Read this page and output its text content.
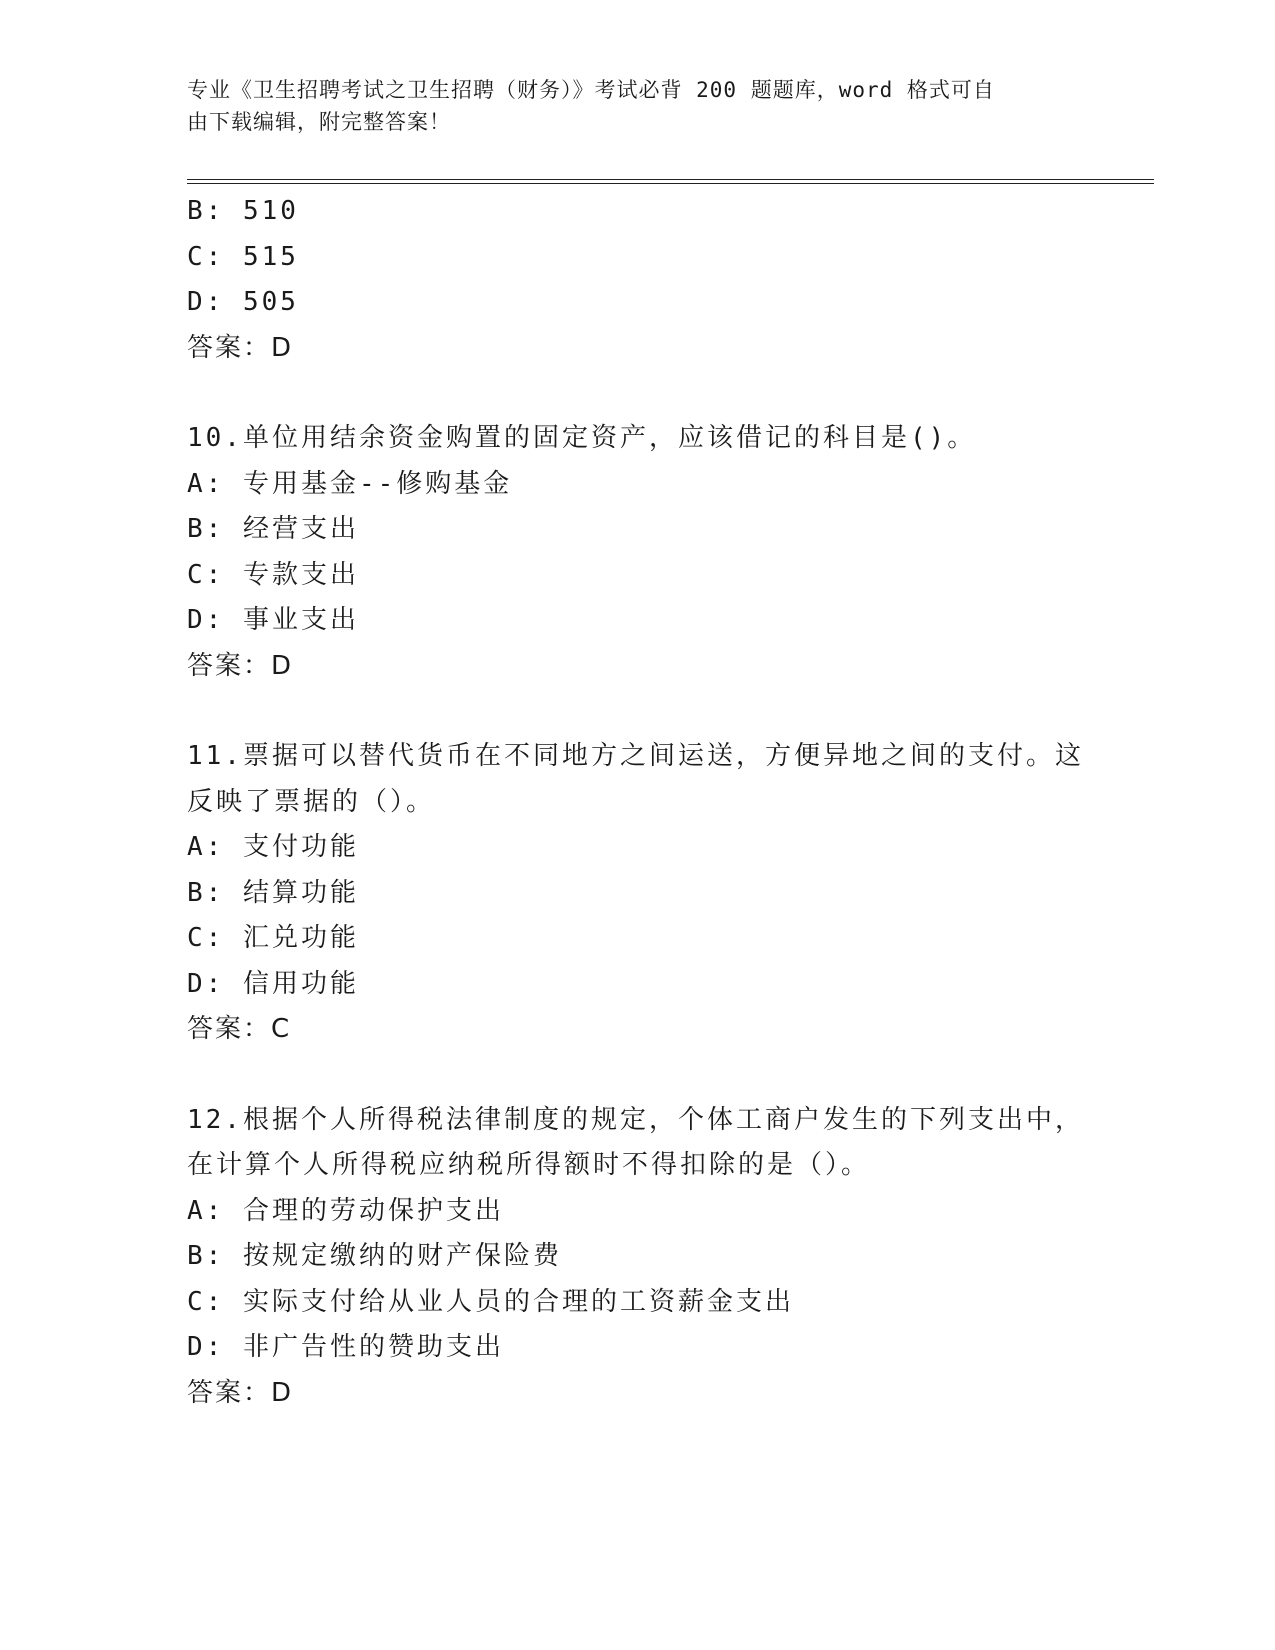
专业《卫生招聘考试之卫生招聘（财务）》考试必背 200 题题库，word 格式可自
由下载编辑，附完整答案！
B: 510
C: 515
D: 505
答案：D
10.单位用结余资金购置的固定资产，应该借记的科目是()。
A: 专用基金--修购基金
B: 经营支出
C: 专款支出
D: 事业支出
答案：D
11.票据可以替代货币在不同地方之间运送，方便异地之间的支付。这
反映了票据的（）。
A: 支付功能
B: 结算功能
C: 汇兑功能
D: 信用功能
答案：C
12.根据个人所得税法律制度的规定，个体工商户发生的下列支出中，
在计算个人所得税应纳税所得额时不得扣除的是（）。
A: 合理的劳动保护支出
B: 按规定缴纳的财产保险费
C: 实际支付给从业人员的合理的工资薪金支出
D: 非广告性的赞助支出
答案：D
